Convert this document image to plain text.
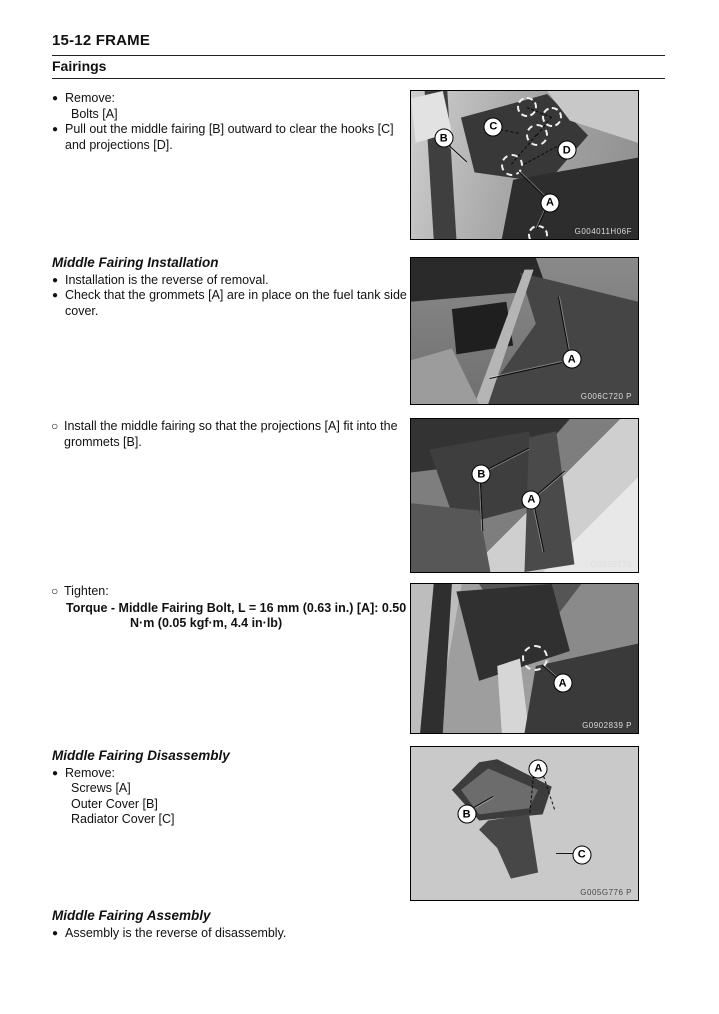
15-12 FRAME
Fairings
● Remove:
Bolts [A]
● Pull out the middle fairing [B] outward to clear the hooks [C] and projections [D].
Middle Fairing Installation
● Installation is the reverse of removal.
● Check that the grommets [A] are in place on the fuel tank side cover.
○ Install the middle fairing so that the projections [A] fit into the grommets [B].
○ Tighten:
Torque - Middle Fairing Bolt, L = 16 mm (0.63 in.) [A]: 0.50
N·m (0.05 kgf·m, 4.4 in·lb)
Middle Fairing Disassembly
● Remove:
Screws [A]
Outer Cover [B]
Radiator Cover [C]
Middle Fairing Assembly
● Assembly is the reverse of disassembly.
B
C
D
A
G004011H06F
A
G006C720 P
B
A
G0050775
A
G0902839 P
A
B
C
G005G776 P
